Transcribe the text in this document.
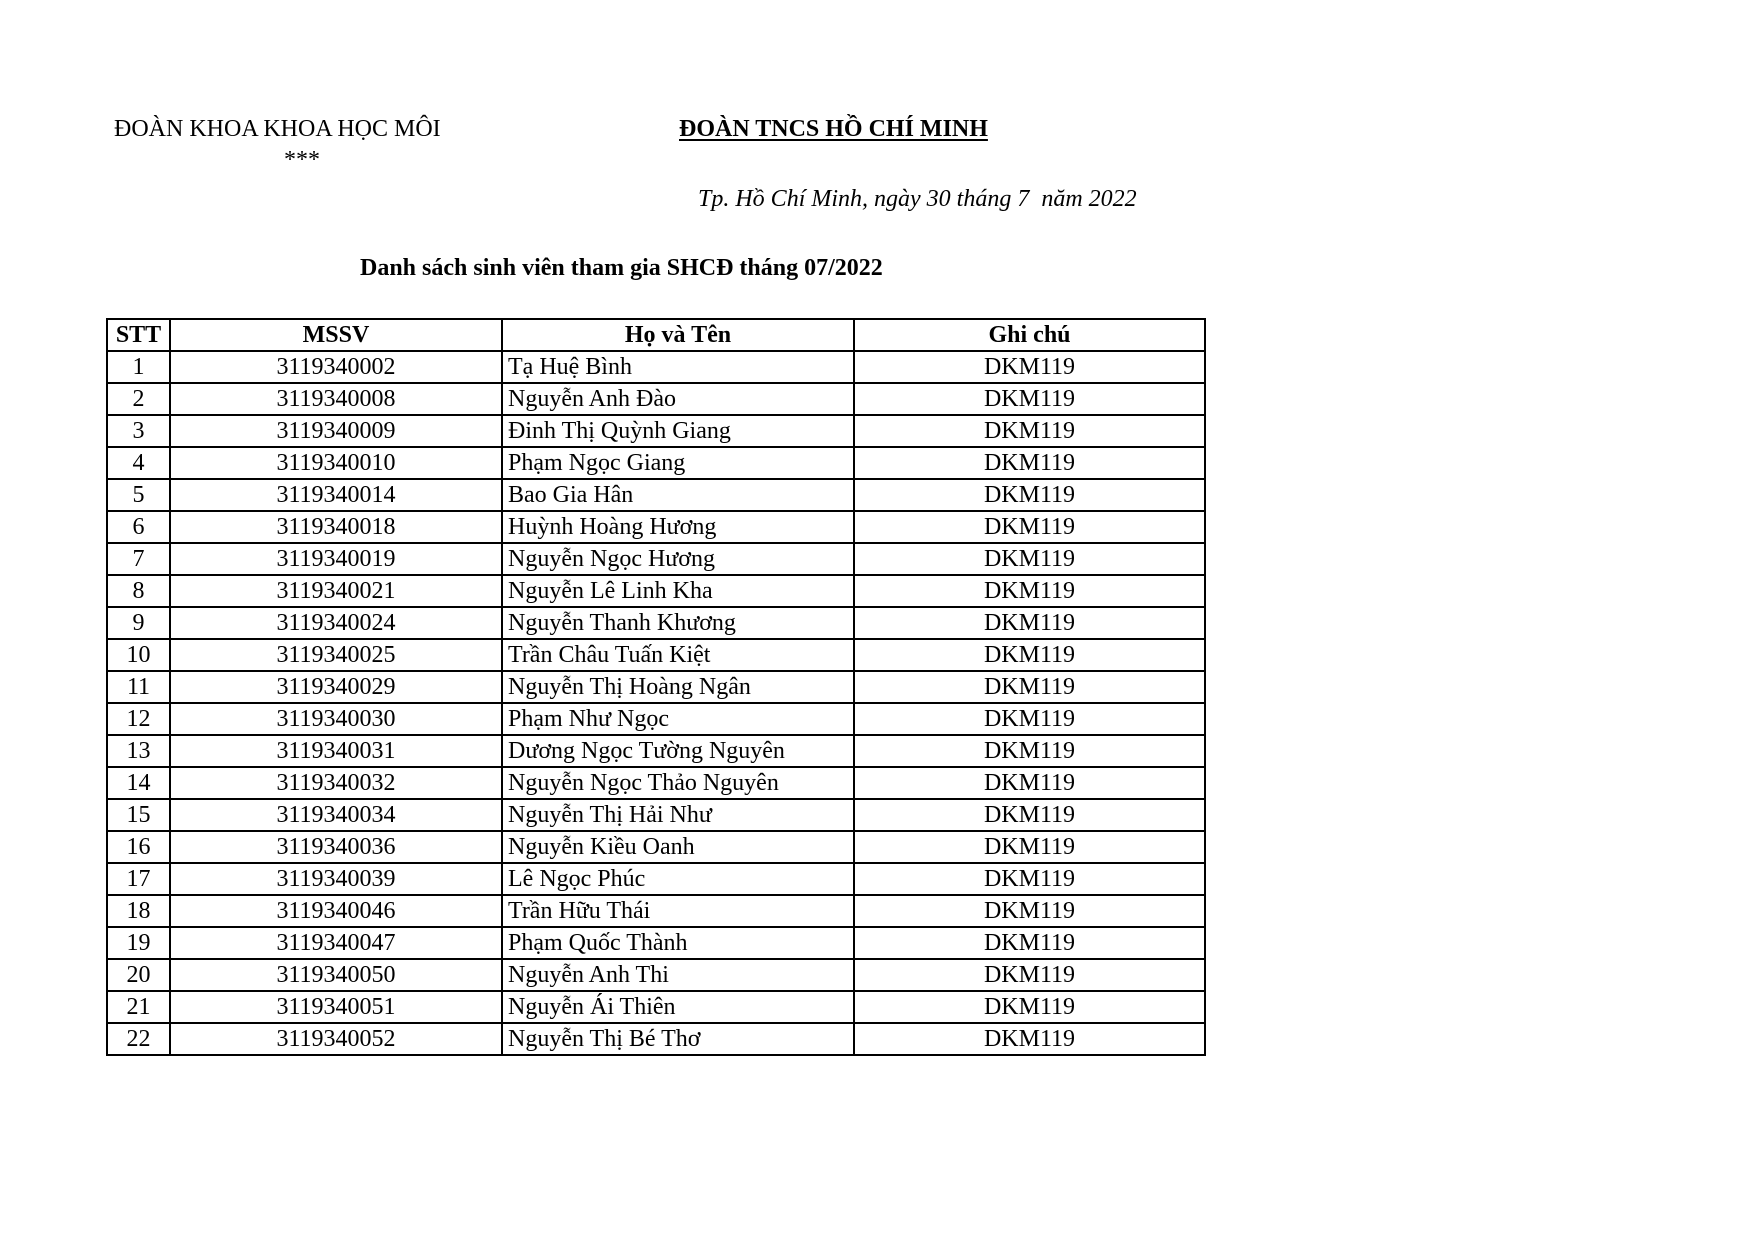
ĐOÀN KHOA KHOA HỌC MÔI
***
ĐOÀN TNCS HỒ CHÍ MINH
Tp. Hồ Chí Minh, ngày 30 tháng 7  năm 2022
Danh sách sinh viên tham gia SHCĐ tháng 07/2022
STT	MSSV	Họ và Tên	Ghi chú
1	3119340002	Tạ Huệ Bình	DKM119
2	3119340008	Nguyễn Anh Đào	DKM119
3	3119340009	Đinh Thị Quỳnh Giang	DKM119
4	3119340010	Phạm Ngọc Giang	DKM119
5	3119340014	Bao Gia Hân	DKM119
6	3119340018	Huỳnh Hoàng Hương	DKM119
7	3119340019	Nguyễn Ngọc Hương	DKM119
8	3119340021	Nguyễn Lê Linh Kha	DKM119
9	3119340024	Nguyễn Thanh Khương	DKM119
10	3119340025	Trần Châu Tuấn Kiệt	DKM119
11	3119340029	Nguyễn Thị Hoàng Ngân	DKM119
12	3119340030	Phạm Như Ngọc	DKM119
13	3119340031	Dương Ngọc Tường Nguyên	DKM119
14	3119340032	Nguyễn Ngọc Thảo Nguyên	DKM119
15	3119340034	Nguyễn Thị Hải Như	DKM119
16	3119340036	Nguyễn Kiều Oanh	DKM119
17	3119340039	Lê Ngọc Phúc	DKM119
18	3119340046	Trần Hữu Thái	DKM119
19	3119340047	Phạm Quốc Thành	DKM119
20	3119340050	Nguyễn Anh Thi	DKM119
21	3119340051	Nguyễn Ái Thiên	DKM119
22	3119340052	Nguyễn Thị Bé Thơ	DKM119
